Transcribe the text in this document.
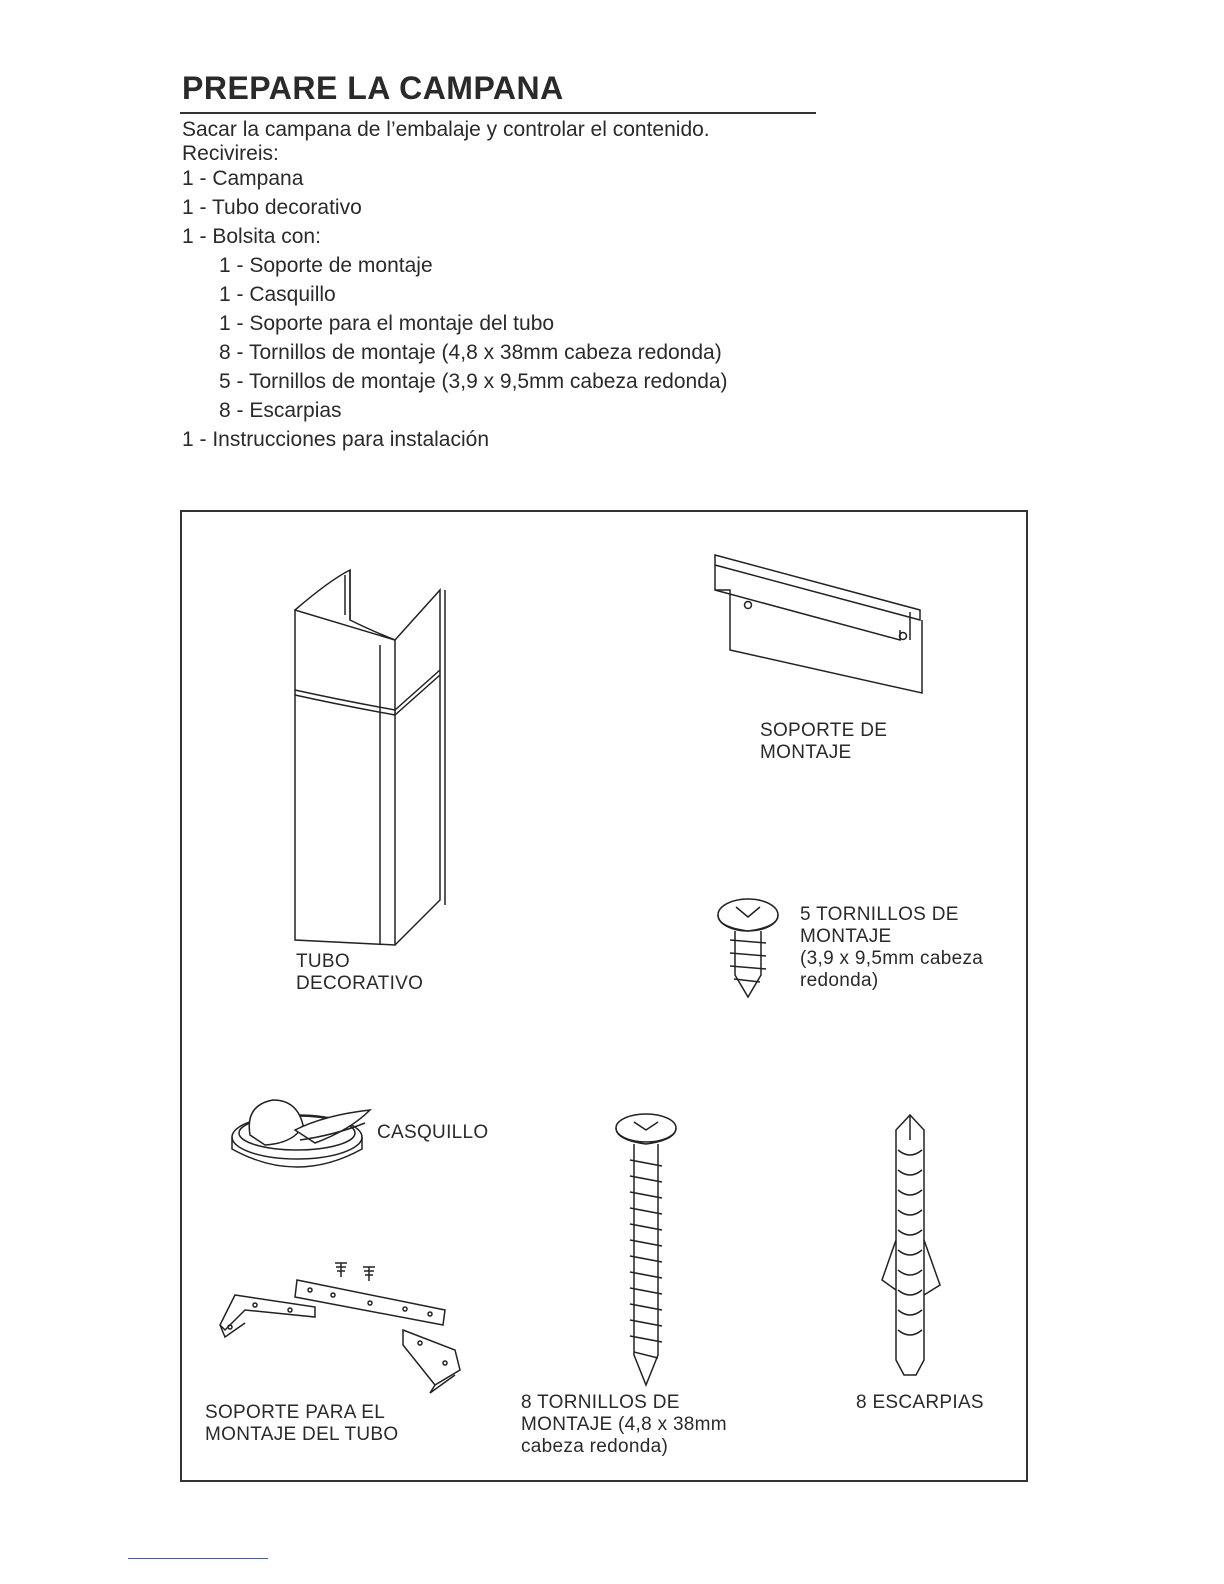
PREPARE LA CAMPANA
Sacar la campana de l’embalaje y controlar el contenido.
Recivireis:
1 - Campana
1 - Tubo decorativo
1 - Bolsita con:
1 - Soporte de montaje
1 - Casquillo
1 - Soporte para el montaje del tubo
8 - Tornillos de montaje (4,8 x 38mm cabeza redonda)
5 - Tornillos de montaje (3,9 x 9,5mm cabeza redonda)
8 - Escarpias
1 - Instrucciones para instalación
TUBO
DECORATIVO
SOPORTE DE
MONTAJE
5 TORNILLOS DE
MONTAJE
(3,9 x 9,5mm cabeza
redonda)
CASQUILLO
8 TORNILLOS DE
MONTAJE (4,8 x 38mm
cabeza redonda)
8 ESCARPIAS
SOPORTE PARA EL
MONTAJE DEL TUBO
